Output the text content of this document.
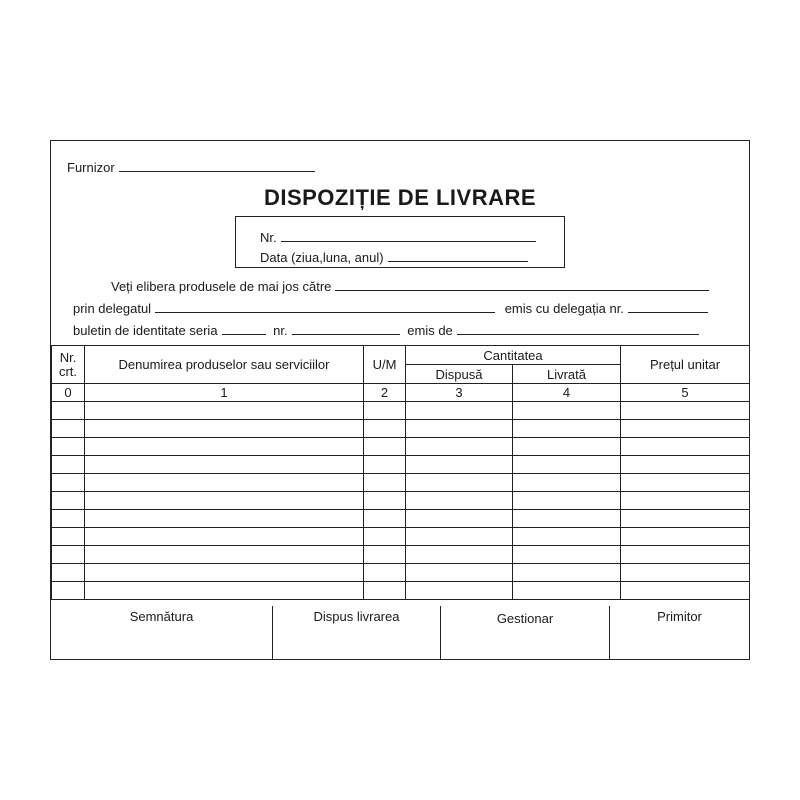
Furnizor
DISPOZIȚIE DE LIVRARE
Nr.
Data (ziua,luna, anul)
Veți elibera produsele de mai jos către
prin delegatul	emis cu delegația nr.
buletin de identitate seria	nr.	emis de
Nr.
crt.	Denumirea produselor sau serviciilor	U/M	Cantitatea		Prețul unitar
			Dispusă	Livrată	
0	1	2	3	4	5

Semnătura	Dispus livrarea	Gestionar	Primitor
